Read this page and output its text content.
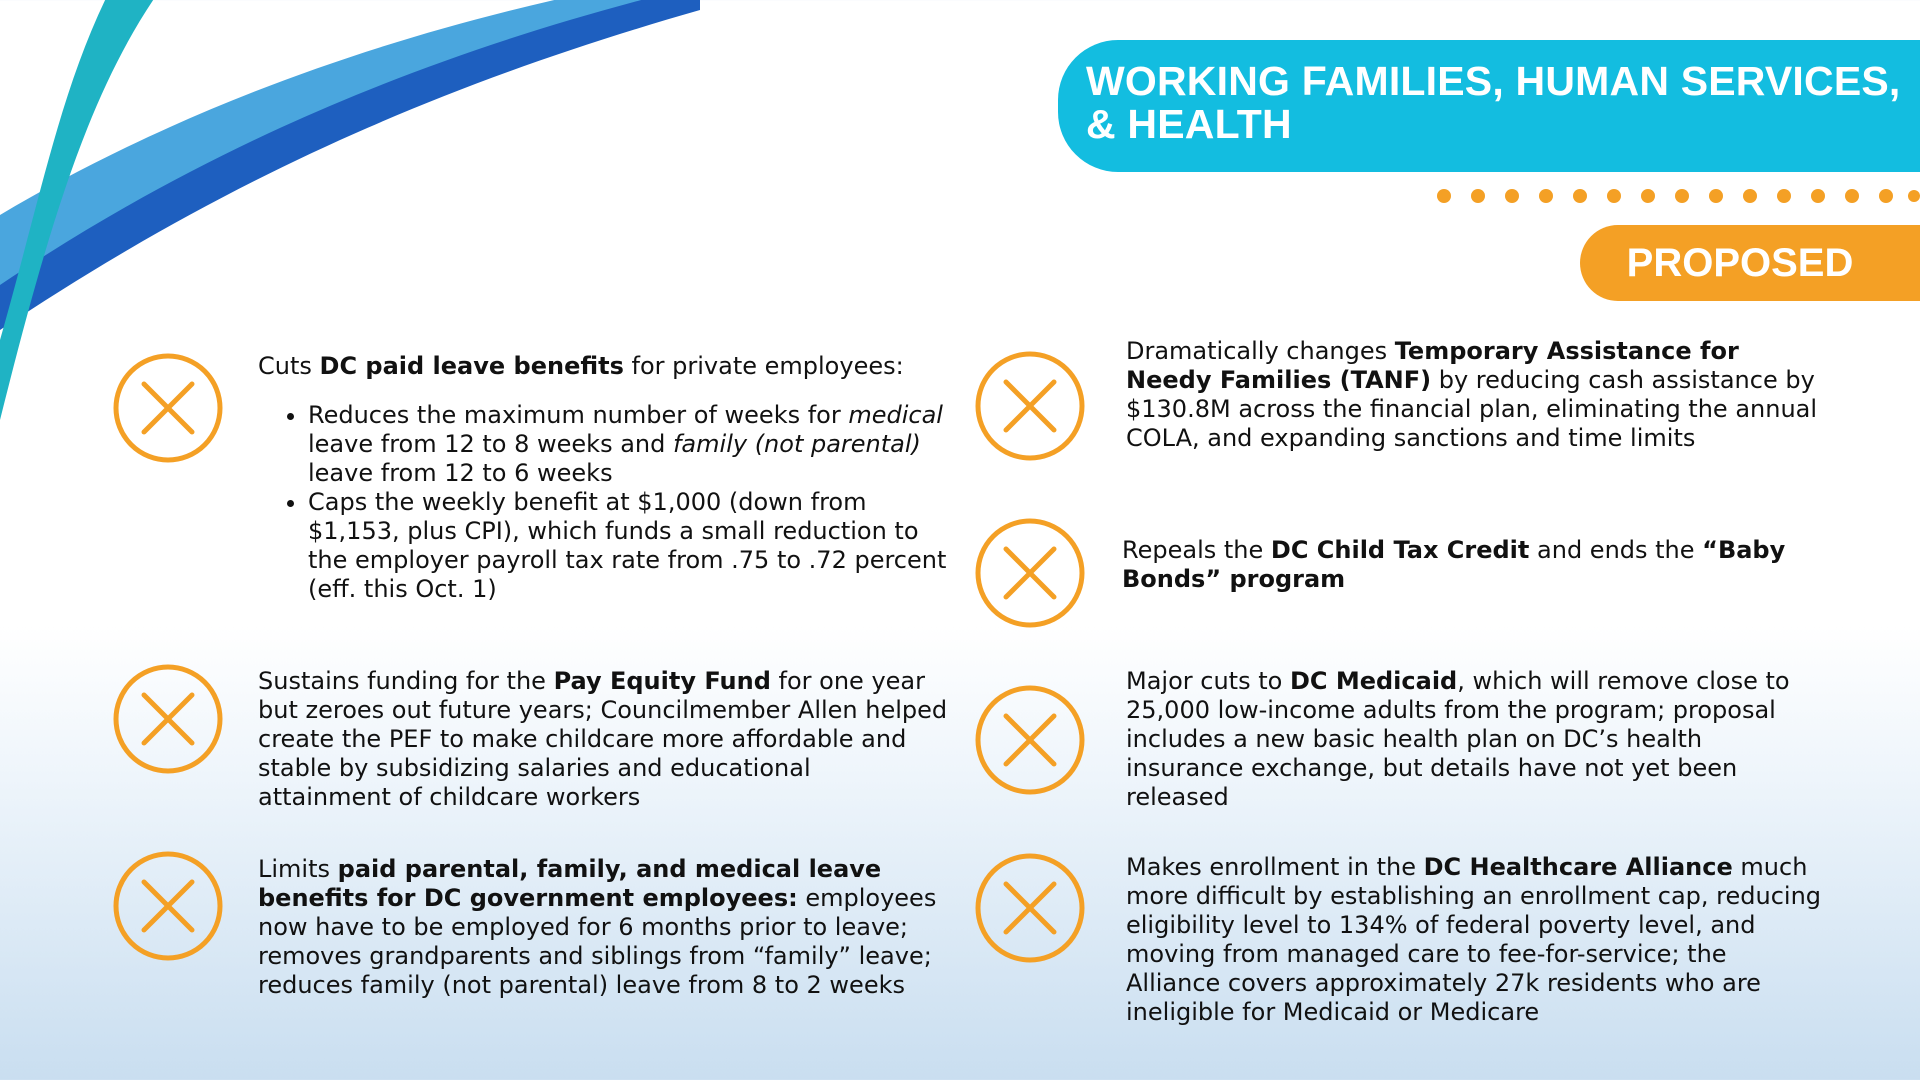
WORKING FAMILIES, HUMAN SERVICES,
& HEALTH
PROPOSED
Cuts DC paid leave benefits for private employees:
• Reduces the maximum number of weeks for medical leave from 12 to 8 weeks and family (not parental) leave from 12 to 6 weeks
• Caps the weekly benefit at $1,000 (down from $1,153, plus CPI), which funds a small reduction to the employer payroll tax rate from .75 to .72 percent (eff. this Oct. 1)
Sustains funding for the Pay Equity Fund for one year but zeroes out future years; Councilmember Allen helped create the PEF to make childcare more affordable and stable by subsidizing salaries and educational attainment of childcare workers
Limits paid parental, family, and medical leave benefits for DC government employees: employees now have to be employed for 6 months prior to leave; removes grandparents and siblings from “family” leave; reduces family (not parental) leave from 8 to 2 weeks
Dramatically changes Temporary Assistance for Needy Families (TANF) by reducing cash assistance by $130.8M across the financial plan, eliminating the annual COLA, and expanding sanctions and time limits
Repeals the DC Child Tax Credit and ends the “Baby Bonds” program
Major cuts to DC Medicaid, which will remove close to 25,000 low-income adults from the program; proposal includes a new basic health plan on DC’s health insurance exchange, but details have not yet been released
Makes enrollment in the DC Healthcare Alliance much more difficult by establishing an enrollment cap, reducing eligibility level to 134% of federal poverty level, and moving from managed care to fee-for-service; the Alliance covers approximately 27k residents who are ineligible for Medicaid or Medicare
